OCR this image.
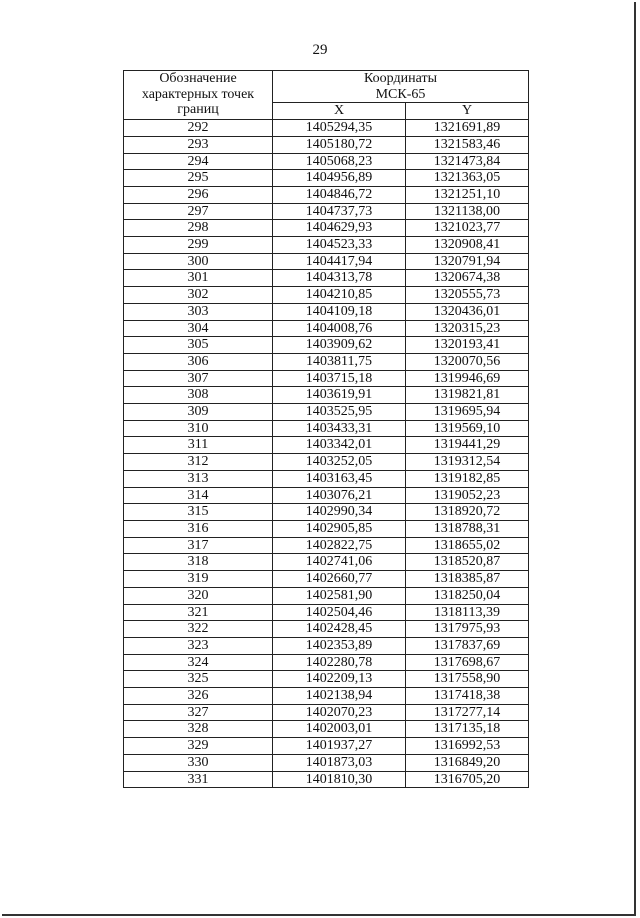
29
Обозначение
характерных точек
границ	Координаты
МСК-65	

	X	Y
292	1405294,35	1321691,89
293	1405180,72	1321583,46
294	1405068,23	1321473,84
295	1404956,89	1321363,05
296	1404846,72	1321251,10
297	1404737,73	1321138,00
298	1404629,93	1321023,77
299	1404523,33	1320908,41
300	1404417,94	1320791,94
301	1404313,78	1320674,38
302	1404210,85	1320555,73
303	1404109,18	1320436,01
304	1404008,76	1320315,23
305	1403909,62	1320193,41
306	1403811,75	1320070,56
307	1403715,18	1319946,69
308	1403619,91	1319821,81
309	1403525,95	1319695,94
310	1403433,31	1319569,10
311	1403342,01	1319441,29
312	1403252,05	1319312,54
313	1403163,45	1319182,85
314	1403076,21	1319052,23
315	1402990,34	1318920,72
316	1402905,85	1318788,31
317	1402822,75	1318655,02
318	1402741,06	1318520,87
319	1402660,77	1318385,87
320	1402581,90	1318250,04
321	1402504,46	1318113,39
322	1402428,45	1317975,93
323	1402353,89	1317837,69
324	1402280,78	1317698,67
325	1402209,13	1317558,90
326	1402138,94	1317418,38
327	1402070,23	1317277,14
328	1402003,01	1317135,18
329	1401937,27	1316992,53
330	1401873,03	1316849,20
331	1401810,30	1316705,20
